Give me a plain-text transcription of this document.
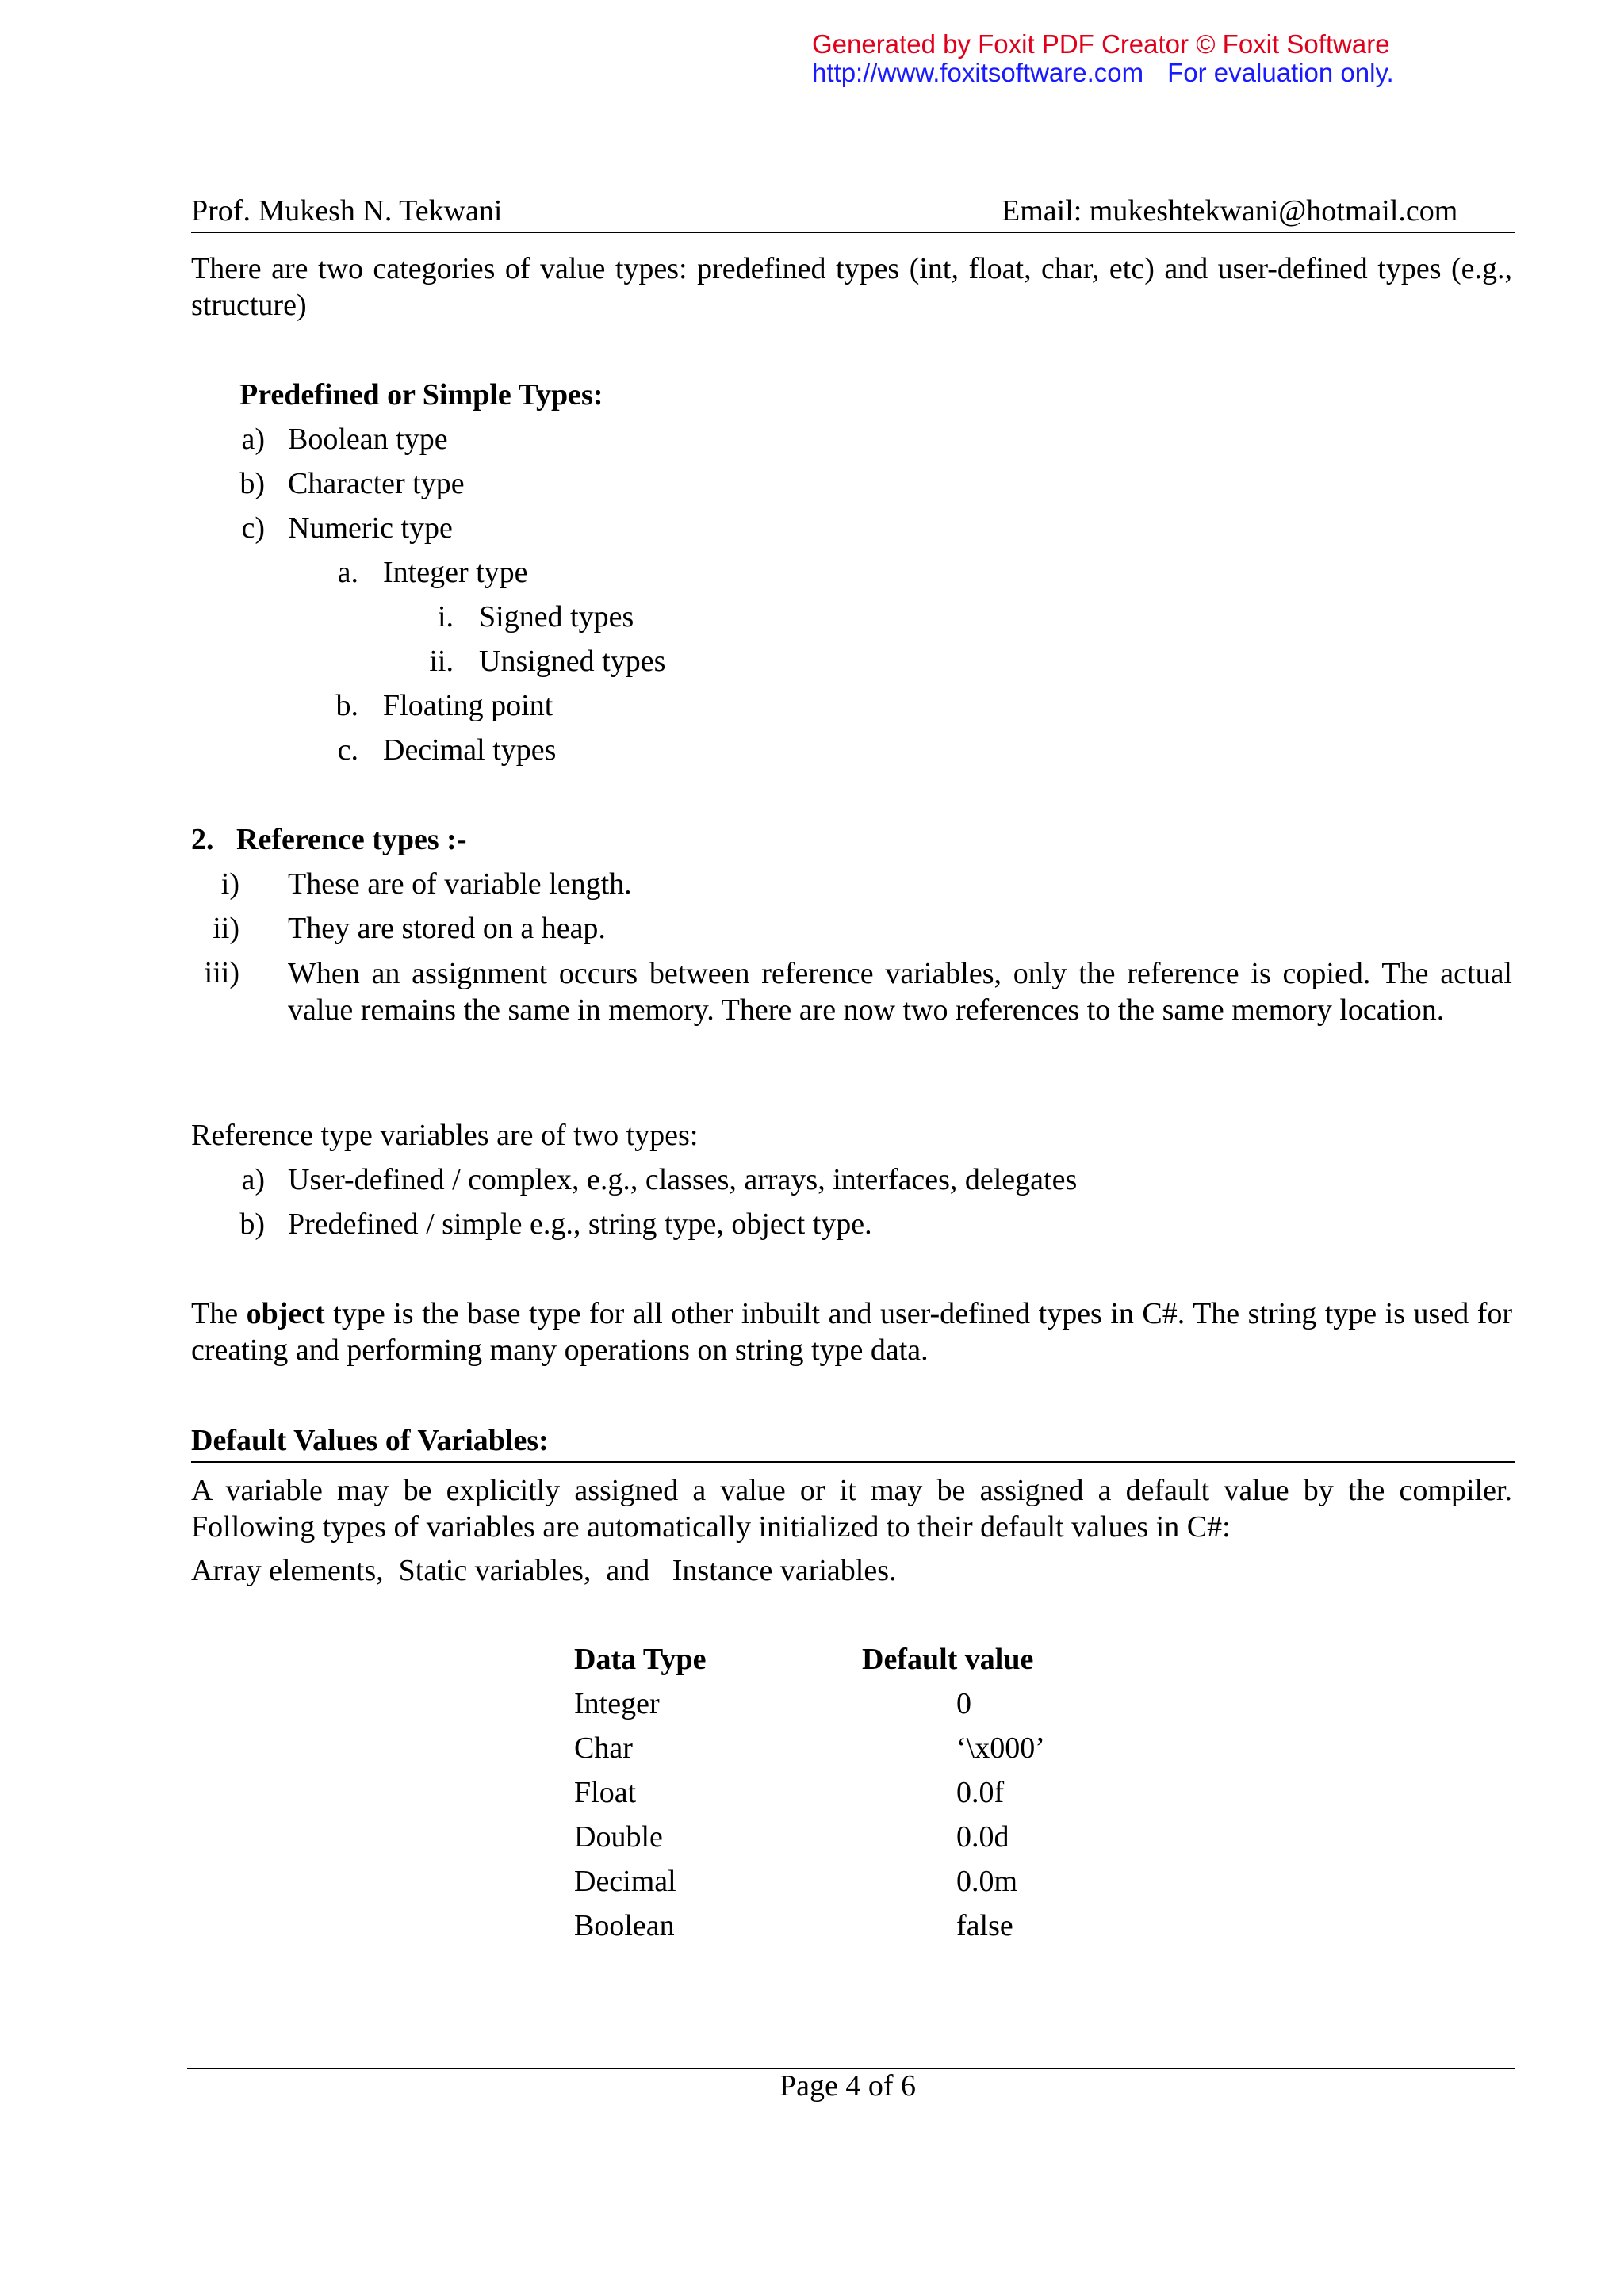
Generated by Foxit PDF Creator © Foxit Software
http://www.foxitsoftware.com For evaluation only.
Prof. Mukesh N. Tekwani	Email: mukeshtekwani@hotmail.com
There are two categories of value types: predefined types (int, float, char, etc) and user-defined types (e.g., structure)
Predefined or Simple Types:
a) Boolean type
b) Character type
c) Numeric type
a. Integer type
i. Signed types
ii. Unsigned types
b. Floating point
c. Decimal types
2.   Reference types :-
i) These are of variable length.
ii) They are stored on a heap.
iii) When an assignment occurs between reference variables, only the reference is copied. The actual value remains the same in memory. There are now two references to the same memory location.
Reference type variables are of two types:
a) User-defined / complex, e.g., classes, arrays, interfaces, delegates
b) Predefined / simple e.g., string type, object type.
The object type is the base type for all other inbuilt and user-defined types in C#. The string type is used for creating and performing many operations on string type data.
Default Values of Variables:
A variable may be explicitly assigned a value or it may be assigned a default value by the compiler. Following types of variables are automatically initialized to their default values in C#:
Array elements,  Static variables,  and   Instance variables.
Data Type	Default value
Integer	0
Char	‘\x000’
Float	0.0f
Double	0.0d
Decimal	0.0m
Boolean	false
Page 4 of 6
